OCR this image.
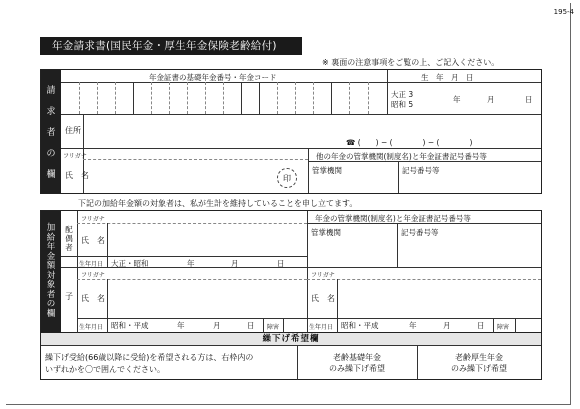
195-4
年金請求書(国民年金・厚生年金保険老齢給付)
※ 裏面の注意事項をご覧の上、ご記入ください。
請
求
者
の
欄
年金証書の基礎年金番号・年金コード	生　年　月　日
大正 3
昭和 5
年	月	日
住所
☎ (　　) − (　　　　) − (　　　　)
フリガナ
氏　名	印
他の年金の管掌機関(制度名)と年金証書記号番号等
管掌機関	記号番号等
下記の加給年金額の対象者は、私が生計を維持していることを申し立てます。
加
給
年
金
額
対
象
者
の
欄
配
偶
者
フリガナ
氏　名
年金の管掌機関(制度名)と年金証書記号番号等
管掌機関	記号番号等
生年月日 大正・昭和	年	月	日
子
フリガナ
氏　名
生年月日 昭和・平成	年	月	日 障害
フリガナ
氏　名
生年月日 昭和・平成	年	月	日 障害
繰下げ希望欄
繰下げ受給(66歳以降に受給)を希望される方は、右枠内の
いずれかを〇で囲んでください。
老齢基礎年金
のみ繰下げ希望
老齢厚生年金
のみ繰下げ希望
